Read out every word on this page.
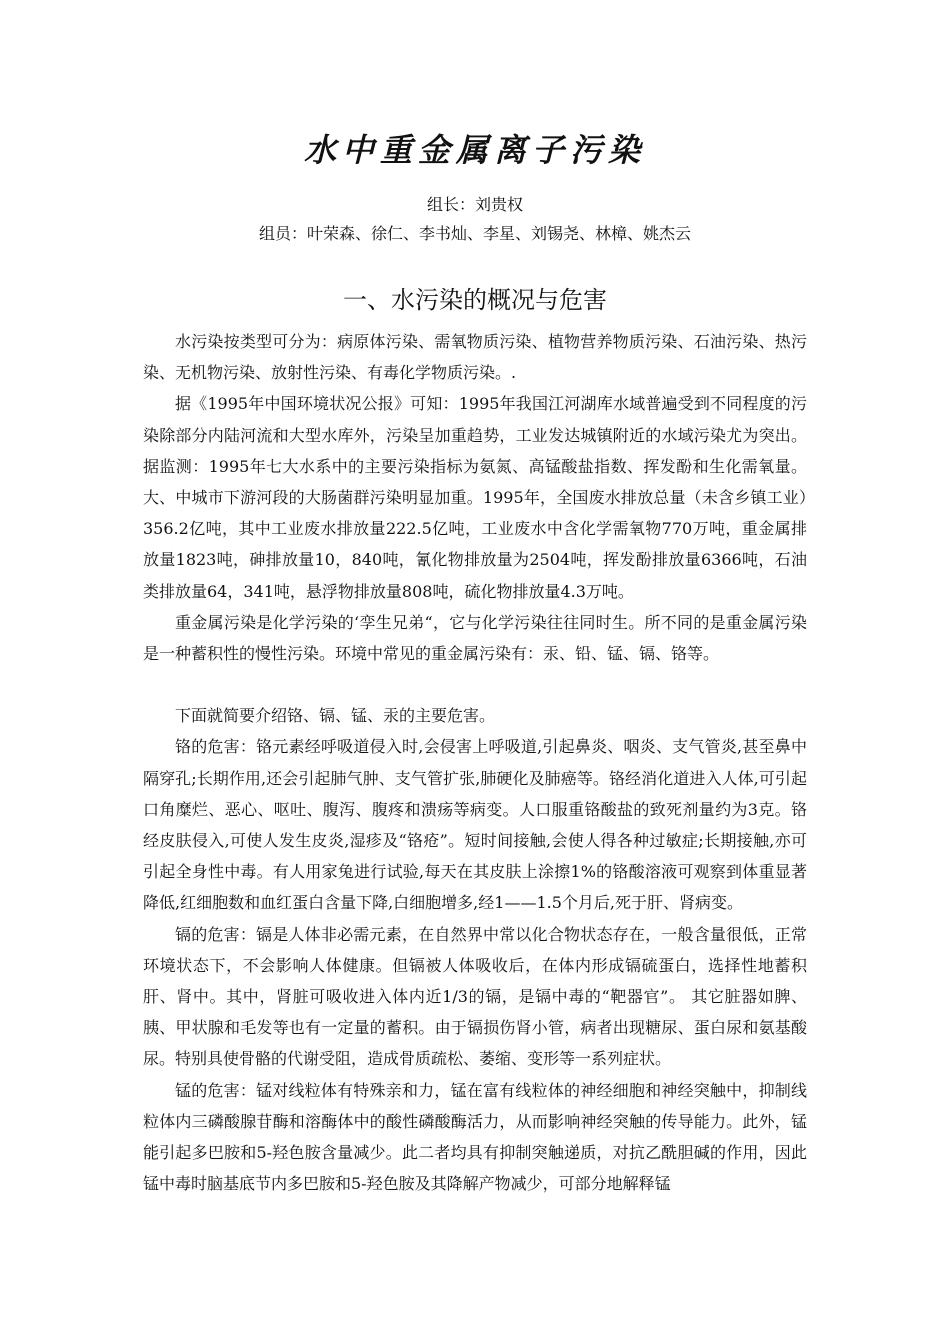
水中重金属离子污染

组长：刘贵权

组员：叶荣森、徐仁、李书灿、李星、刘锡尧、林樟、姚杰云

一、水污染的概况与危害

水污染按类型可分为：病原体污染、需氧物质污染、植物营养物质污染、石油污染、热污染、无机物污染、放射性污染、有毒化学物质污染。.

据《1995年中国环境状况公报》可知：1995年我国江河湖库水域普遍受到不同程度的污染除部分内陆河流和大型水库外，污染呈加重趋势，工业发达城镇附近的水域污染尤为突出。据监测：1995年七大水系中的主要污染指标为氨氮、高锰酸盐指数、挥发酚和生化需氧量。大、中城市下游河段的大肠菌群污染明显加重。1995年，全国废水排放总量（未含乡镇工业）356.2亿吨，其中工业废水排放量222.5亿吨，工业废水中含化学需氧物770万吨，重金属排放量1823吨，砷排放量10，840吨，氰化物排放量为2504吨，挥发酚排放量6366吨，石油类排放量64，341吨，悬浮物排放量808吨，硫化物排放量4.3万吨。

重金属污染是化学污染的‘孪生兄弟“，它与化学污染往往同时生。所不同的是重金属污染是一种蓄积性的慢性污染。环境中常见的重金属污染有：汞、铅、锰、镉、铬等。

下面就简要介绍铬、镉、锰、汞的主要危害。

铬的危害：铬元素经呼吸道侵入时,会侵害上呼吸道,引起鼻炎、咽炎、支气管炎,甚至鼻中隔穿孔;长期作用,还会引起肺气肿、支气管扩张,肺硬化及肺癌等。铬经消化道进入人体,可引起口角糜烂、恶心、呕吐、腹泻、腹疼和溃疡等病变。人口服重铬酸盐的致死剂量约为3克。铬经皮肤侵入,可使人发生皮炎,湿疹及“铬疮”。短时间接触,会使人得各种过敏症;长期接触,亦可引起全身性中毒。有人用家兔进行试验,每天在其皮肤上涂擦1%的铬酸溶液可观察到体重显著降低,红细胞数和血红蛋白含量下降,白细胞增多,经1——1.5个月后,死于肝、肾病变。

镉的危害：镉是人体非必需元素，在自然界中常以化合物状态存在，一般含量很低，正常环境状态下，不会影响人体健康。但镉被人体吸收后，在体内形成镉硫蛋白，选择性地蓄积肝、肾中。其中，肾脏可吸收进入体内近1/3的镉，是镉中毒的“靶器官”。 其它脏器如脾、胰、甲状腺和毛发等也有一定量的蓄积。由于镉损伤肾小管，病者出现糖尿、蛋白尿和氨基酸尿。特别具使骨骼的代谢受阻，造成骨质疏松、萎缩、变形等一系列症状。

锰的危害：锰对线粒体有特殊亲和力，锰在富有线粒体的神经细胞和神经突触中，抑制线粒体内三磷酸腺苷酶和溶酶体中的酸性磷酸酶活力，从而影响神经突触的传导能力。此外，锰能引起多巴胺和5-羟色胺含量减少。此二者均具有抑制突触递质，对抗乙酰胆碱的作用，因此锰中毒时脑基底节内多巴胺和5-羟色胺及其降解产物减少，可部分地解释锰
